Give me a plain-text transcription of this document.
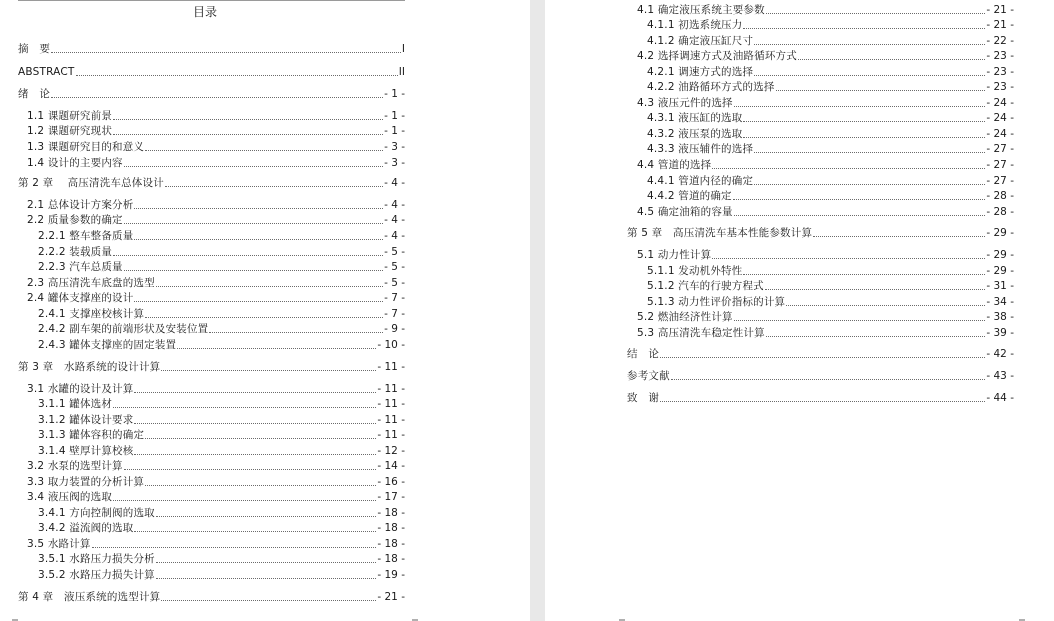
目录
摘　要	I
ABSTRACT	II
绪　论	- 1 -
1.1 课题研究前景	- 1 -
1.2 课题研究现状	- 1 -
1.3 课题研究目的和意义	- 3 -
1.4 设计的主要内容	- 3 -
第 2 章　 高压清洗车总体设计	- 4 -
2.1 总体设计方案分析	- 4 -
2.2 质量参数的确定	- 4 -
2.2.1 整车整备质量	- 4 -
2.2.2 装载质量	- 5 -
2.2.3 汽车总质量	- 5 -
2.3 高压清洗车底盘的选型	- 5 -
2.4 罐体支撑座的设计	- 7 -
2.4.1 支撑座校核计算	- 7 -
2.4.2 副车架的前端形状及安装位置	- 9 -
2.4.3 罐体支撑座的固定装置	- 10 -
第 3 章　水路系统的设计计算	- 11 -
3.1 水罐的设计及计算	- 11 -
3.1.1 罐体选材	- 11 -
3.1.2 罐体设计要求	- 11 -
3.1.3 罐体容积的确定	- 11 -
3.1.4 壁厚计算校核	- 12 -
3.2 水泵的选型计算	- 14 -
3.3 取力装置的分析计算	- 16 -
3.4 液压阀的选取	- 17 -
3.4.1 方向控制阀的选取	- 18 -
3.4.2 溢流阀的选取	- 18 -
3.5 水路计算	- 18 -
3.5.1 水路压力损失分析	- 18 -
3.5.2 水路压力损失计算	- 19 -
第 4 章　液压系统的选型计算	- 21 -
4.1 确定液压系统主要参数	- 21 -
4.1.1 初选系统压力	- 21 -
4.1.2 确定液压缸尺寸	- 22 -
4.2 选择调速方式及油路循环方式	- 23 -
4.2.1 调速方式的选择	- 23 -
4.2.2 油路循环方式的选择	- 23 -
4.3 液压元件的选择	- 24 -
4.3.1 液压缸的选取	- 24 -
4.3.2 液压泵的选取	- 24 -
4.3.3 液压辅件的选择	- 27 -
4.4 管道的选择	- 27 -
4.4.1 管道内径的确定	- 27 -
4.4.2 管道的确定	- 28 -
4.5 确定油箱的容量	- 28 -
第 5 章　高压清洗车基本性能参数计算	- 29 -
5.1 动力性计算	- 29 -
5.1.1 发动机外特性	- 29 -
5.1.2 汽车的行驶方程式	- 31 -
5.1.3 动力性评价指标的计算	- 34 -
5.2 燃油经济性计算	- 38 -
5.3 高压清洗车稳定性计算	- 39 -
结　论	- 42 -
参考文献	- 43 -
致　谢	- 44 -
